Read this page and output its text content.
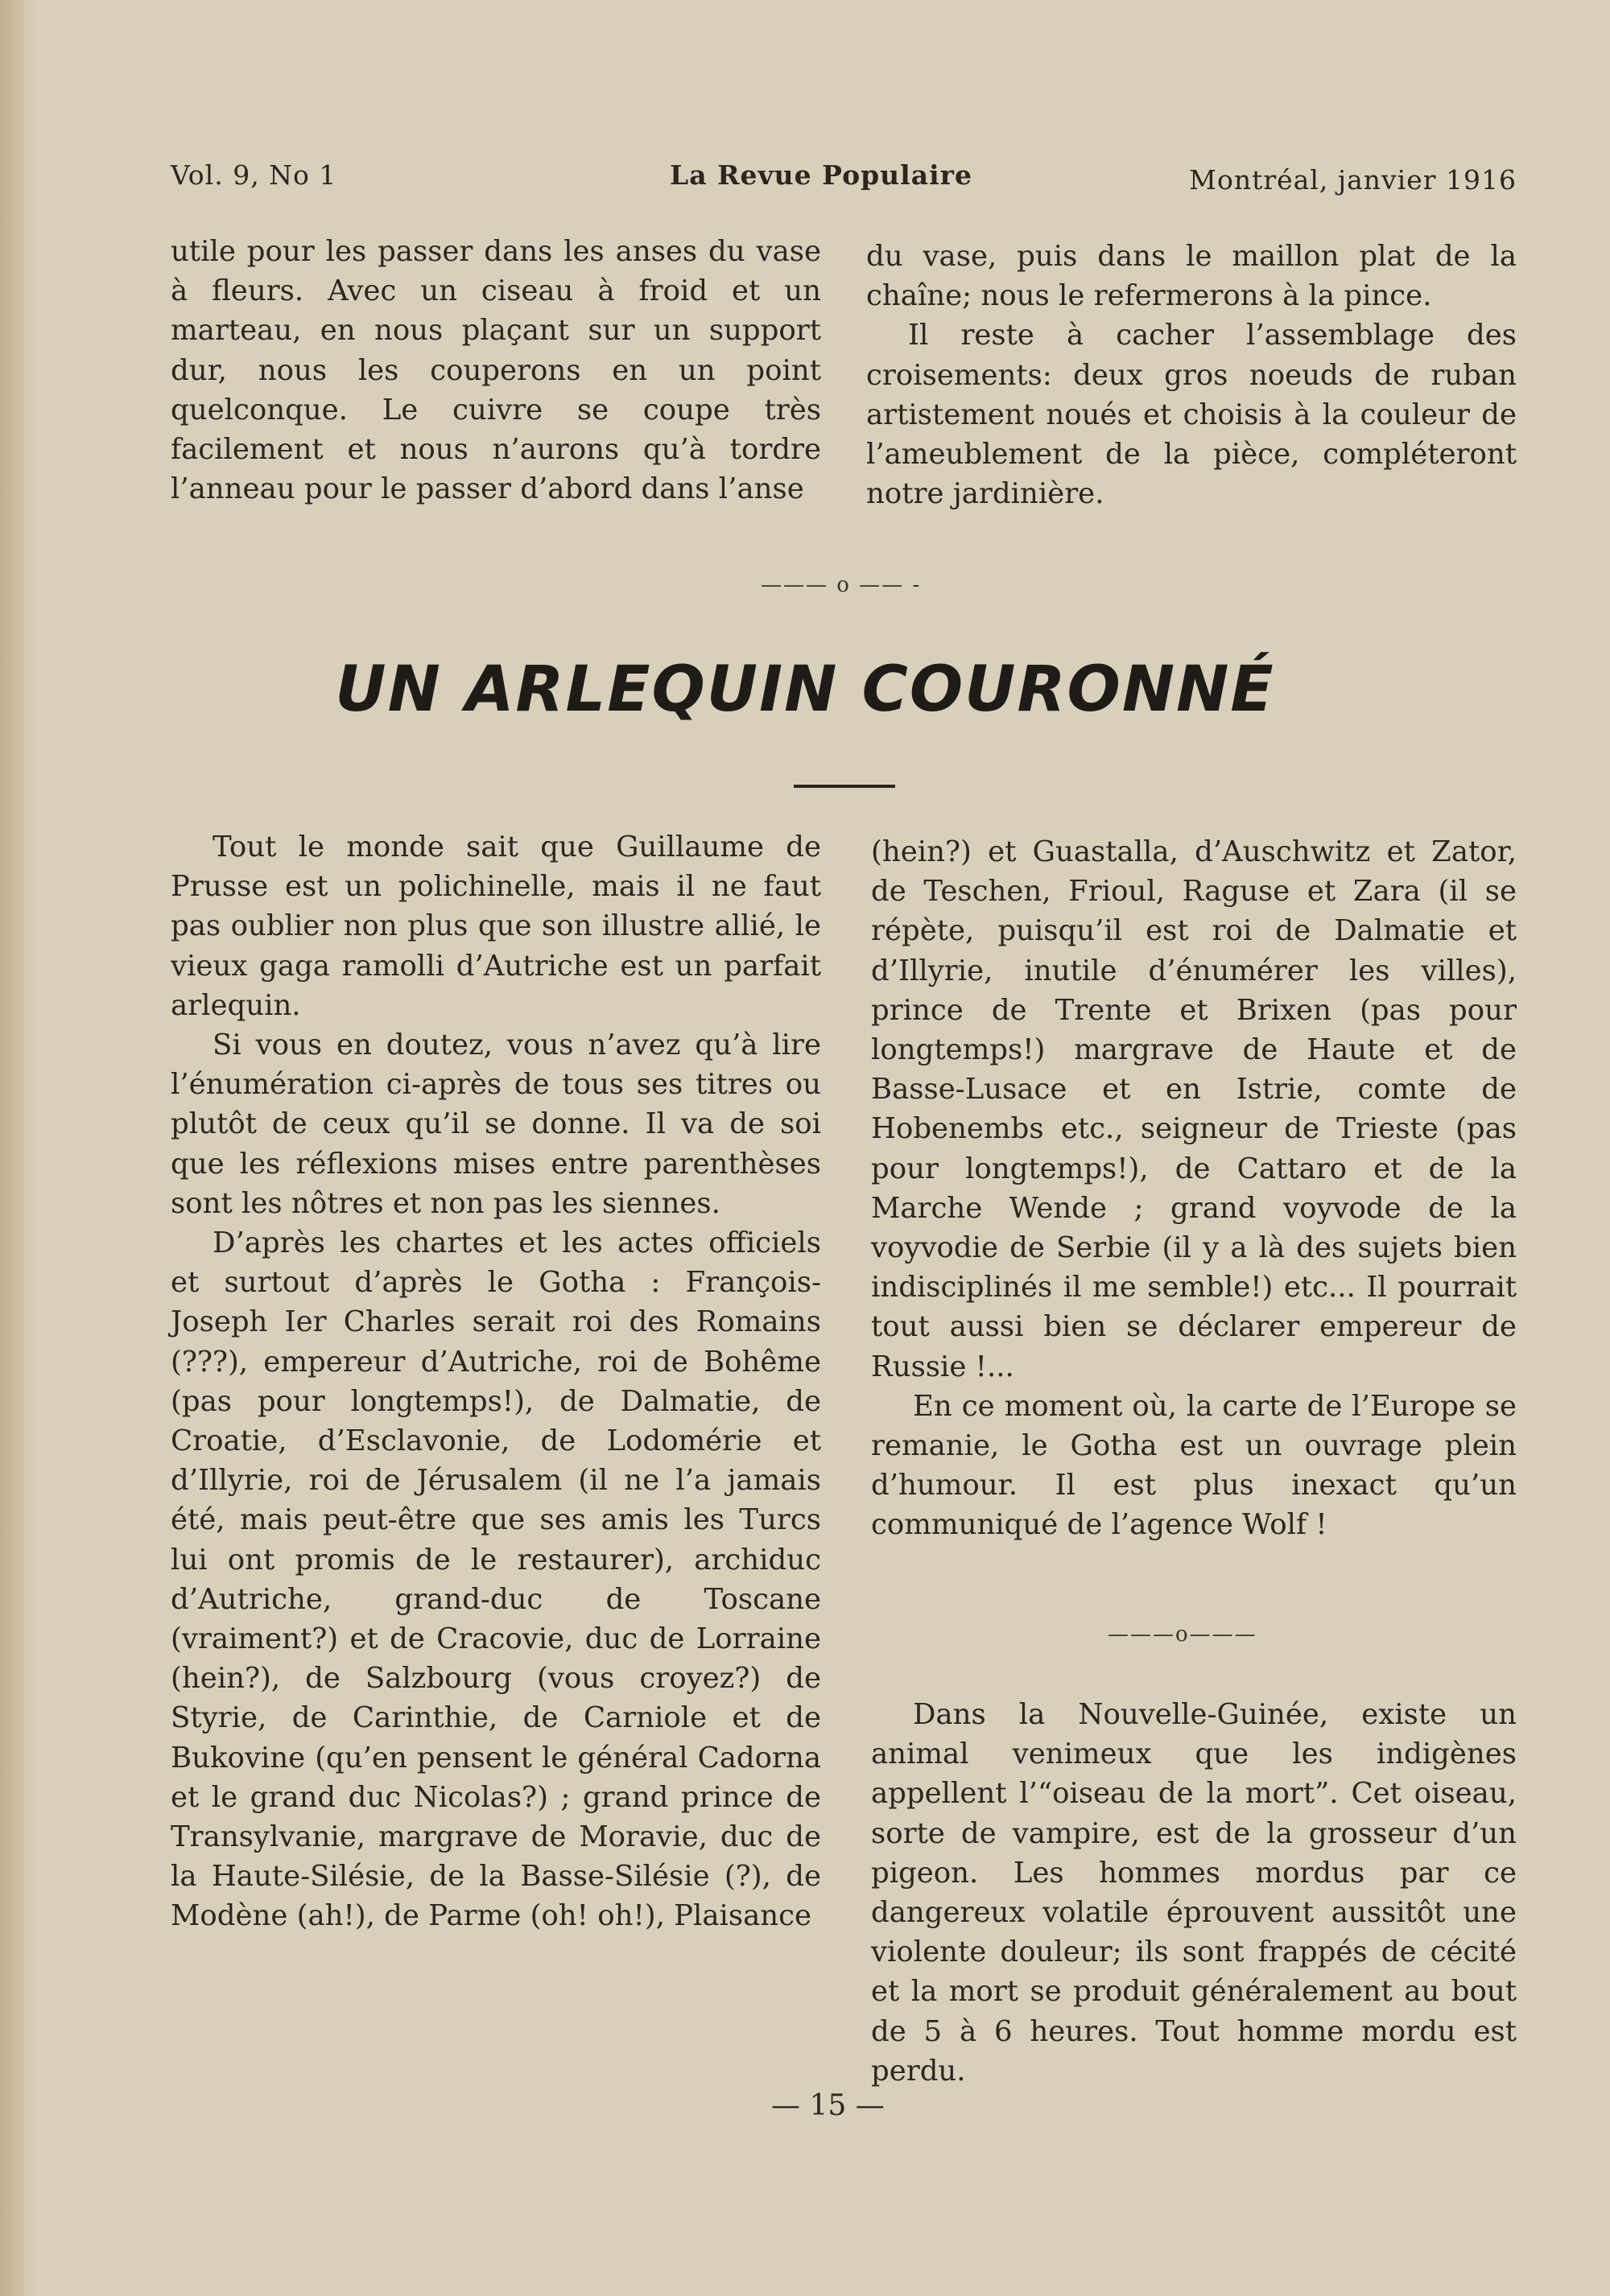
Vol. 9, No 1	La Revue Populaire	Montréal, janvier 1916

utile pour les passer dans les anses du vase à fleurs. Avec un ciseau à froid et un marteau, en nous plaçant sur un support dur, nous les couperons en un point quelconque. Le cuivre se coupe très facilement et nous n’aurons qu’à tordre l’anneau pour le passer d’abord dans l’anse

du vase, puis dans le maillon plat de la chaîne; nous le refermerons à la pince.

Il reste à cacher l’assemblage des croisements: deux gros noeuds de ruban artistement noués et choisis à la couleur de l’ameublement de la pièce, compléteront notre jardinière.

——— o —— -
UN ARLEQUIN COURONNÉ

Tout le monde sait que Guillaume de Prusse est un polichinelle, mais il ne faut pas oublier non plus que son illustre allié, le vieux gaga ramolli d’Autriche est un parfait arlequin.

Si vous en doutez, vous n’avez qu’à lire l’énumération ci-après de tous ses titres ou plutôt de ceux qu’il se donne. Il va de soi que les réflexions mises entre parenthèses sont les nôtres et non pas les siennes.

D’après les chartes et les actes officiels et surtout d’après le Gotha : François-Joseph Ier Charles serait roi des Romains (???), empereur d’Autriche, roi de Bohême (pas pour longtemps!), de Dalmatie, de Croatie, d’Esclavonie, de Lodomérie et d’Illyrie, roi de Jérusalem (il ne l’a jamais été, mais peut-être que ses amis les Turcs lui ont promis de le restaurer), archiduc d’Autriche, grand-duc de Toscane (vraiment?) et de Cracovie, duc de Lorraine (hein?), de Salzbourg (vous croyez?) de Styrie, de Carinthie, de Carniole et de Bukovine (qu’en pensent le général Cadorna et le grand duc Nicolas?) ; grand prince de Transylvanie, margrave de Moravie, duc de la Haute-Silésie, de la Basse-Silésie (?), de Modène (ah!), de Parme (oh! oh!), Plaisance

(hein?) et Guastalla, d’Auschwitz et Zator, de Teschen, Frioul, Raguse et Zara (il se répète, puisqu’il est roi de Dalmatie et d’Illyrie, inutile d’énumérer les villes), prince de Trente et Brixen (pas pour longtemps!) margrave de Haute et de Basse-Lusace et en Istrie, comte de Hobenembs etc., seigneur de Trieste (pas pour longtemps!), de Cattaro et de la Marche Wende ; grand voyvode de la voyvodie de Serbie (il y a là des sujets bien indisciplinés il me semble!) etc... Il pourrait tout aussi bien se déclarer empereur de Russie !...

En ce moment où, la carte de l’Europe se remanie, le Gotha est un ouvrage plein d’humour. Il est plus inexact qu’un communiqué de l’agence Wolf !

———o———

Dans la Nouvelle-Guinée, existe un animal venimeux que les indigènes appellent l’“oiseau de la mort”. Cet oiseau, sorte de vampire, est de la grosseur d’un pigeon. Les hommes mordus par ce dangereux volatile éprouvent aussitôt une violente douleur; ils sont frappés de cécité et la mort se produit généralement au bout de 5 à 6 heures. Tout homme mordu est perdu.

— 15 —
